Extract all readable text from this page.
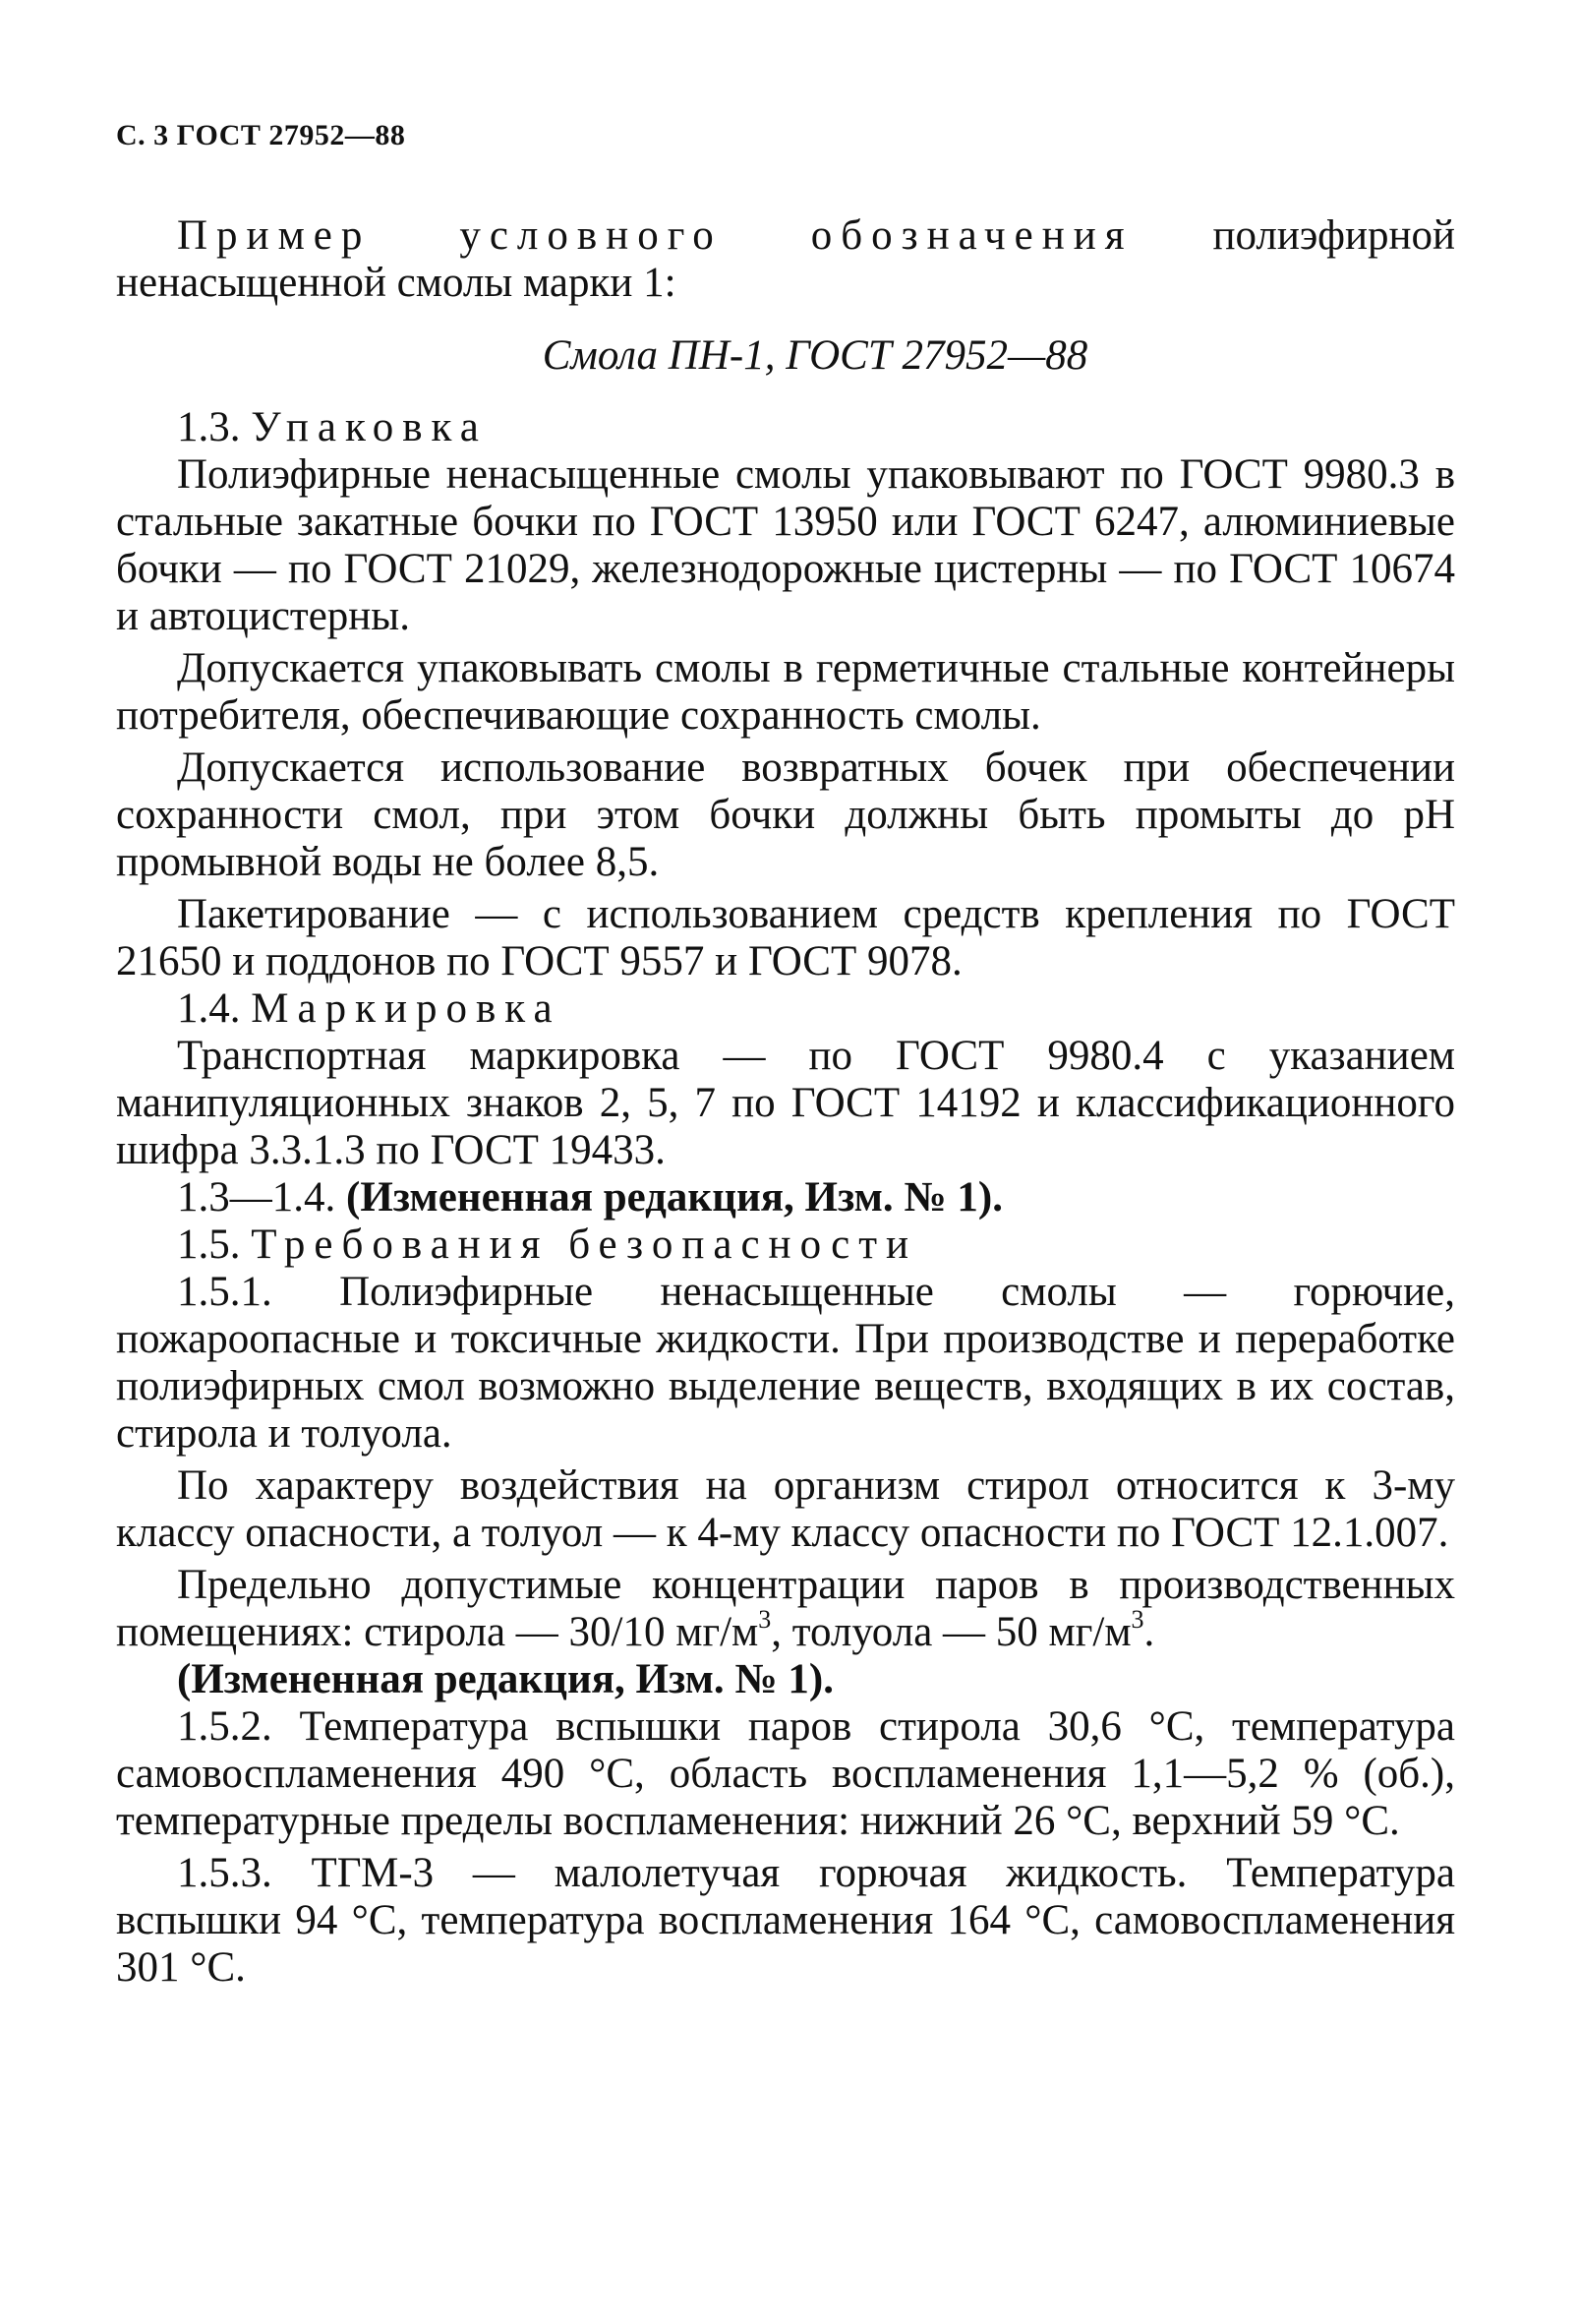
С. 3 ГОСТ 27952—88

Пример условного обозначения полиэфирной ненасыщенной смолы марки 1:

Смола ПН-1, ГОСТ 27952—88

1.3. Упаковка

Полиэфирные ненасыщенные смолы упаковывают по ГОСТ 9980.3 в стальные закатные бочки по ГОСТ 13950 или ГОСТ 6247, алюминиевые бочки — по ГОСТ 21029, железнодорожные цистерны — по ГОСТ 10674 и автоцистерны.

Допускается упаковывать смолы в герметичные стальные контейнеры потребителя, обеспечивающие сохранность смолы.

Допускается использование возвратных бочек при обеспечении сохранности смол, при этом бочки должны быть промыты до pH промывной воды не более 8,5.

Пакетирование — с использованием средств крепления по ГОСТ 21650 и поддонов по ГОСТ 9557 и ГОСТ 9078.

1.4. Маркировка

Транспортная маркировка — по ГОСТ 9980.4 с указанием манипуляционных знаков 2, 5, 7 по ГОСТ 14192 и классификационного шифра 3.3.1.3 по ГОСТ 19433.

1.3—1.4. (Измененная редакция, Изм. № 1).

1.5. Требования безопасности

1.5.1. Полиэфирные ненасыщенные смолы — горючие, пожароопасные и токсичные жидкости. При производстве и переработке полиэфирных смол возможно выделение веществ, входящих в их состав, стирола и толуола.

По характеру воздействия на организм стирол относится к 3-му классу опасности, а толуол — к 4-му классу опасности по ГОСТ 12.1.007.

Предельно допустимые концентрации паров в производственных помещениях: стирола — 30/10 $мг/м^3$, толуола — 50 $мг/м^3$.

(Измененная редакция, Изм. № 1).

1.5.2. Температура вспышки паров стирола 30,6 °С, температура самовоспламенения 490 °С, область воспламенения 1,1—5,2 % (об.), температурные пределы воспламенения: нижний 26 °С, верхний 59 °С.

1.5.3. ТГМ-3 — малолетучая горючая жидкость. Температура вспышки 94 °С, температура воспламенения 164 °С, самовоспламенения 301 °С.
